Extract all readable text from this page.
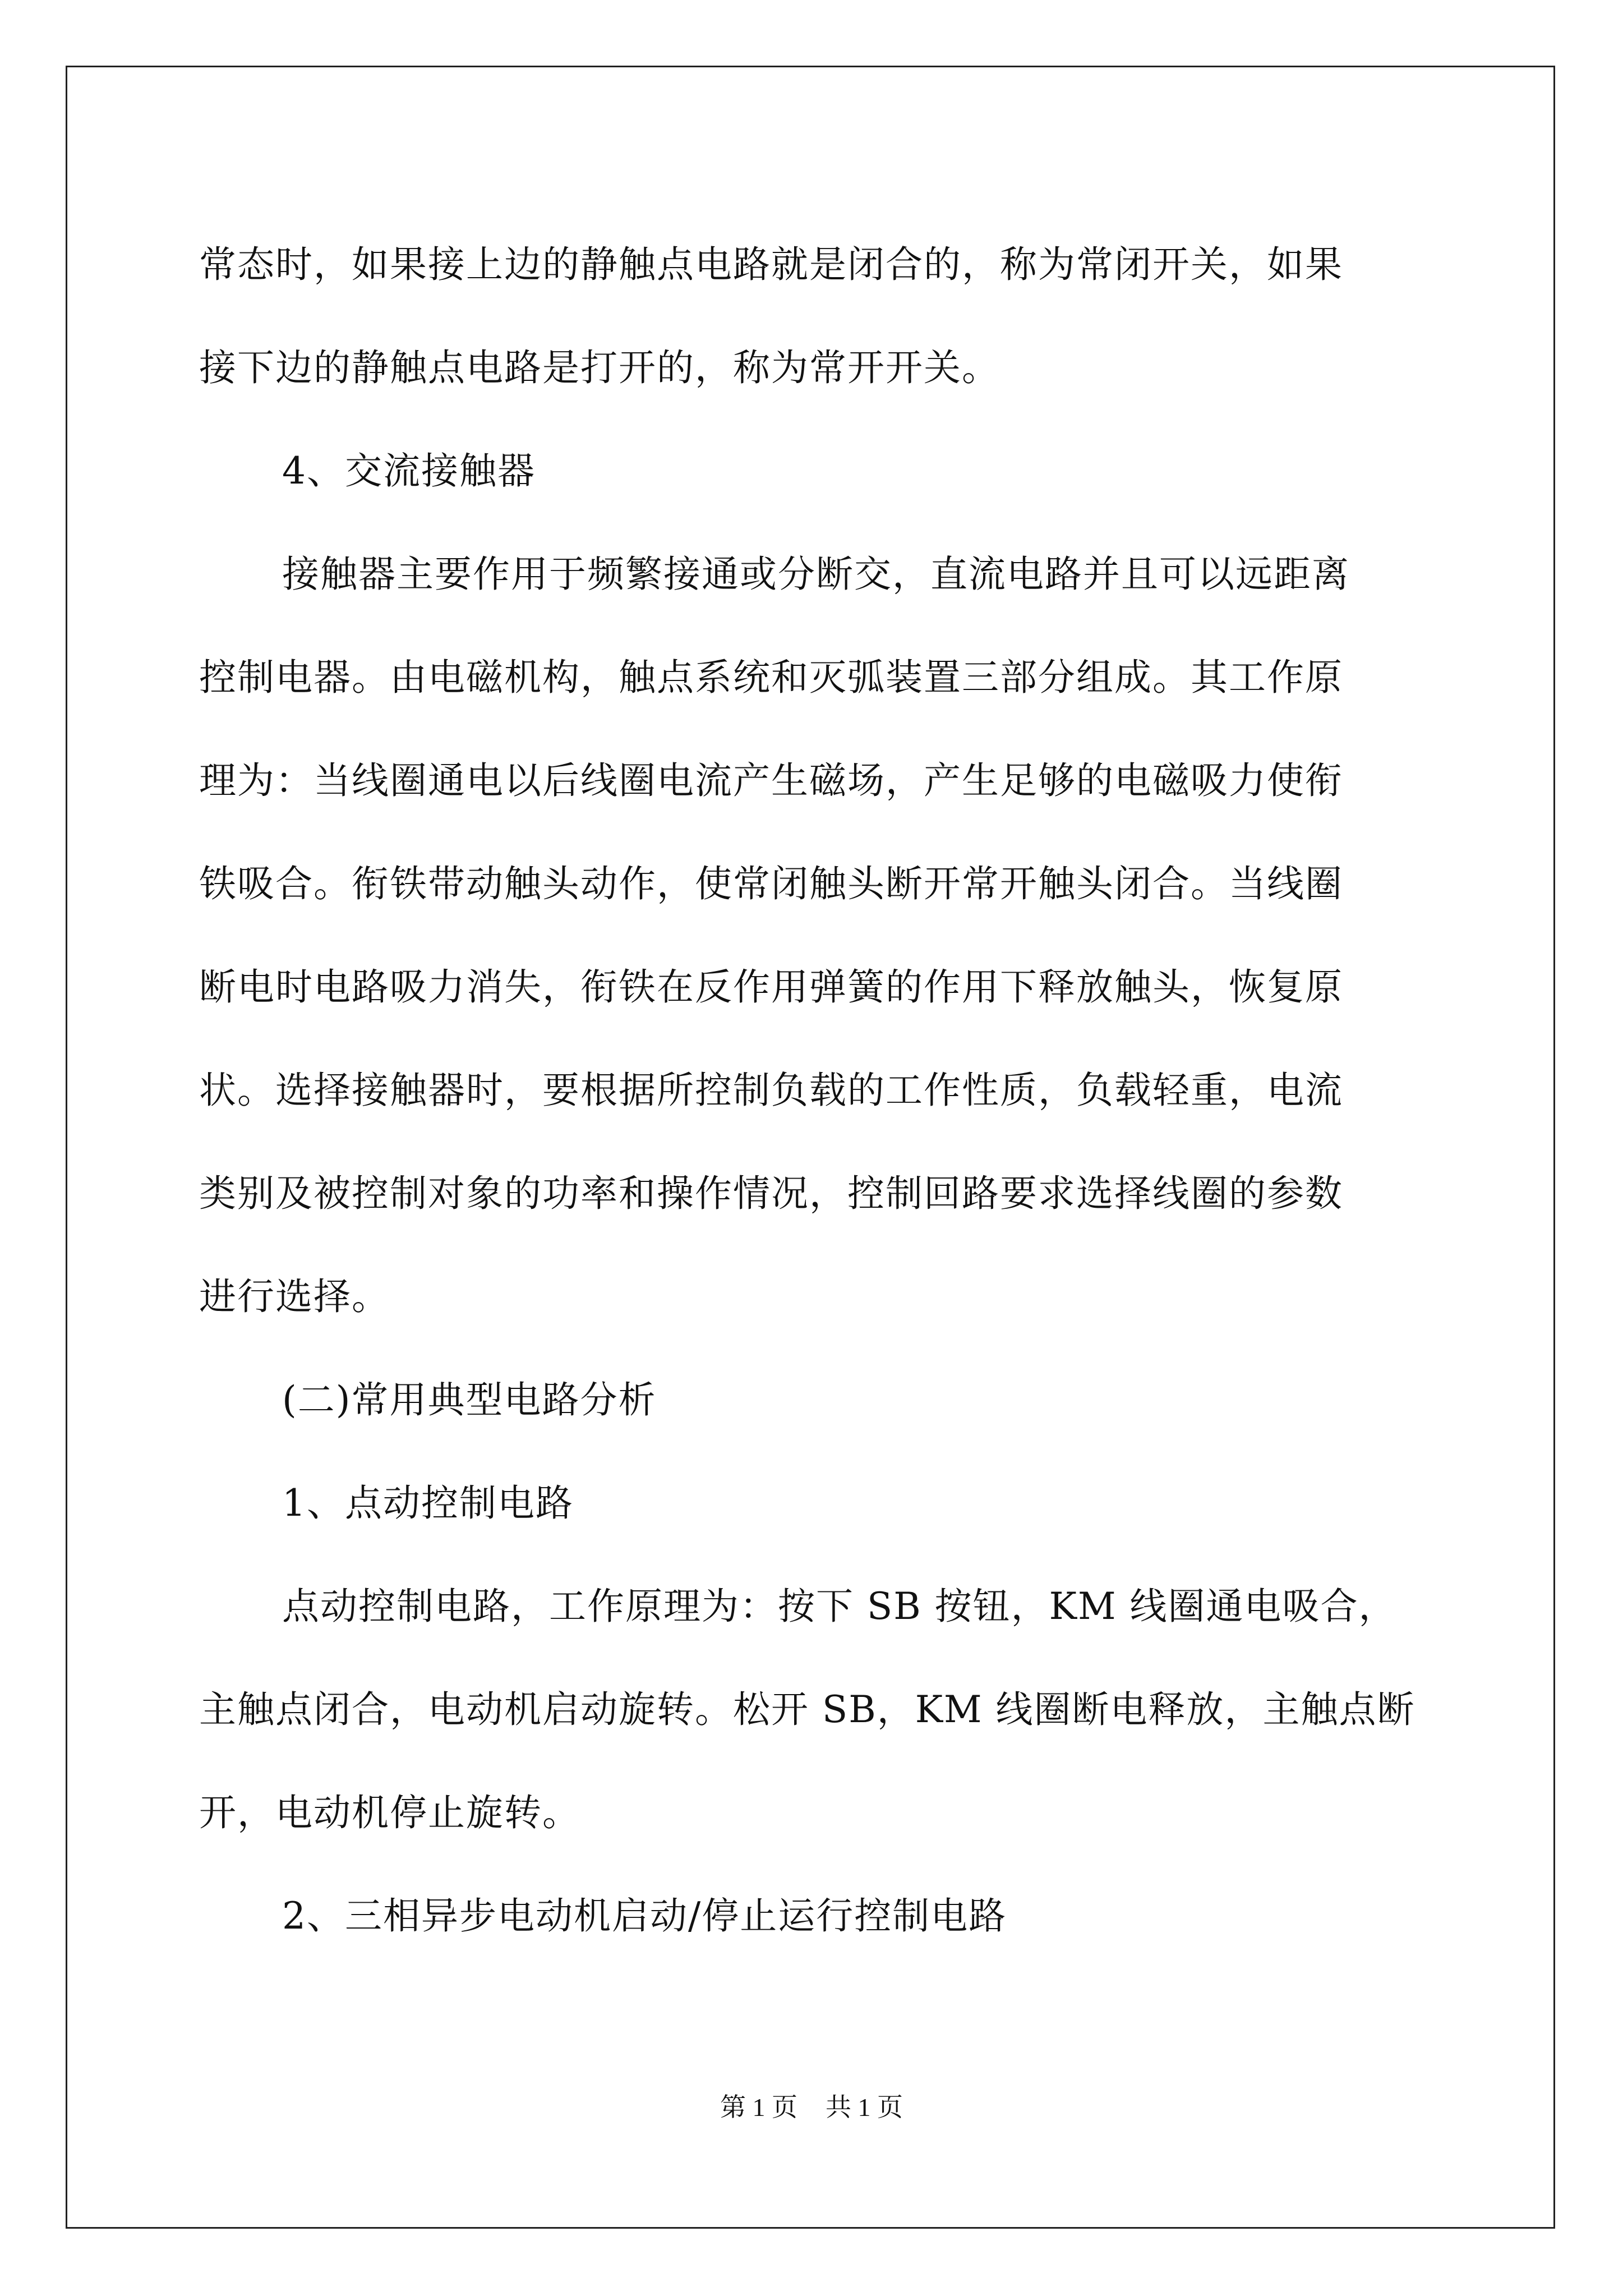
常态时，如果接上边的静触点电路就是闭合的，称为常闭开关，如果
接下边的静触点电路是打开的，称为常开开关。
4、交流接触器
接触器主要作用于频繁接通或分断交，直流电路并且可以远距离
控制电器。由电磁机构，触点系统和灭弧装置三部分组成。其工作原
理为：当线圈通电以后线圈电流产生磁场，产生足够的电磁吸力使衔
铁吸合。衔铁带动触头动作，使常闭触头断开常开触头闭合。当线圈
断电时电路吸力消失，衔铁在反作用弹簧的作用下释放触头，恢复原
状。选择接触器时，要根据所控制负载的工作性质，负载轻重，电流
类别及被控制对象的功率和操作情况，控制回路要求选择线圈的参数
进行选择。
(二)常用典型电路分析
1、点动控制电路
点动控制电路，工作原理为：按下 SB 按钮，KM 线圈通电吸合，
主触点闭合，电动机启动旋转。松开 SB，KM 线圈断电释放，主触点断
开，电动机停止旋转。
2、三相异步电动机启动/停止运行控制电路
第 1 页 共 1 页
